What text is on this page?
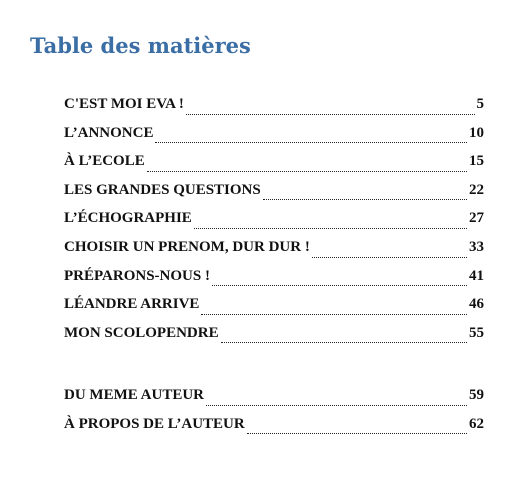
Table des matières
C'EST MOI EVA !	5
L’ANNONCE	10
À L’ECOLE	15
LES GRANDES QUESTIONS	22
L’ÉCHOGRAPHIE	27
CHOISIR UN PRENOM, DUR DUR !	33
PRÉPARONS-NOUS !	41
LÉANDRE ARRIVE	46
MON SCOLOPENDRE	55
DU MEME AUTEUR	59
À PROPOS DE L’AUTEUR	62
